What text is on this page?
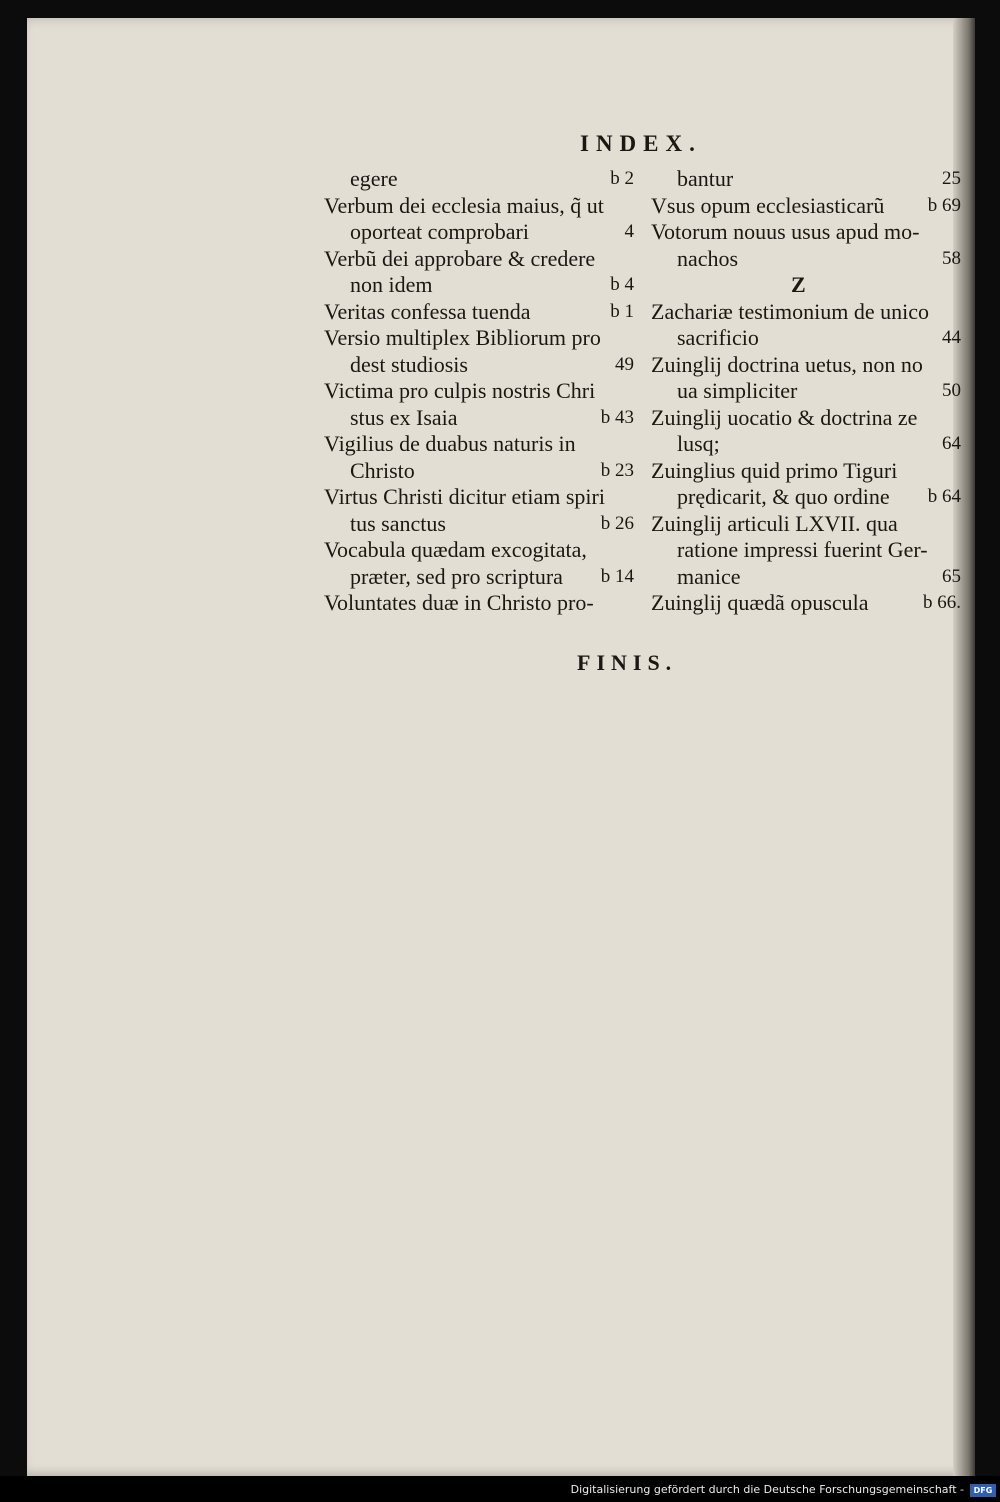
INDEX.
egere	b 2
Verbum dei ecclesia maius, q̃ ut
oporteat comprobari	4
Verbũ dei approbare & credere
non idem	b 4
Veritas confessa tuenda	b 1
Versio multiplex Bibliorum pro
dest studiosis	49
Victima pro culpis nostris Chri
stus ex Isaia	b 43
Vigilius de duabus naturis in
Christo	b 23
Virtus Christi dicitur etiam spiri
tus sanctus	b 26
Vocabula quædam excogitata,
præter, sed pro scriptura b 14
Voluntates duæ in Christo pro-
bantur	25
Vsus opum ecclesiasticarũ b 69
Votorum nouus usus apud mo-
nachos	58
Z
Zachariæ testimonium de unico
sacrificio	44
Zuinglij doctrina uetus, non no
ua simpliciter	50
Zuinglij uocatio & doctrina ze
lusq;	64
Zuinglius quid primo Tiguri
prędicarit, & quo ordine b 64
Zuinglij articuli LXVII. qua
ratione impressi fuerint Ger-
manice	65
Zuinglij quædã opuscula	b 66.
FINIS.
Digitalisierung gefördert durch die Deutsche Forschungsgemeinschaft -	DFG
